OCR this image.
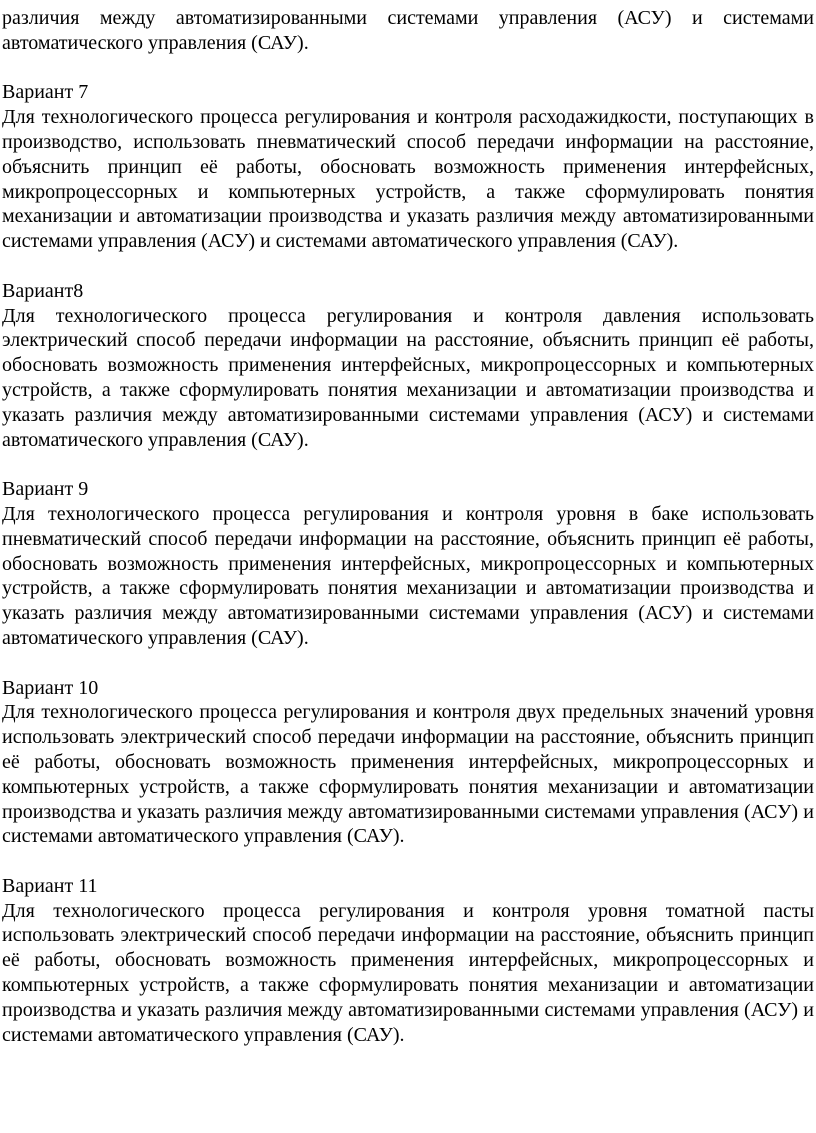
различия между автоматизированными системами управления (АСУ) и системами автоматического управления (САУ).

Вариант 7

Для технологического процесса регулирования и контроля расходажидкости, поступающих в производство, использовать пневматический способ передачи информации на расстояние, объяснить принцип её работы, обосновать возможность применения интерфейсных, микропроцессорных и компьютерных устройств, а также сформулировать понятия механизации и автоматизации производства и указать различия между автоматизированными системами управления (АСУ) и системами автоматического управления (САУ).

Вариант8

Для технологического процесса регулирования и контроля давления использовать электрический способ передачи информации на расстояние, объяснить принцип её работы, обосновать возможность применения интерфейсных, микропроцессорных и компьютерных устройств, а также сформулировать понятия механизации и автоматизации производства и указать различия между автоматизированными системами управления (АСУ) и системами автоматического управления (САУ).

Вариант 9

Для технологического процесса регулирования и контроля уровня в баке использовать пневматический способ передачи информации на расстояние, объяснить принцип её работы, обосновать возможность применения интерфейсных, микропроцессорных и компьютерных устройств, а также сформулировать понятия механизации и автоматизации производства и указать различия между автоматизированными системами управления (АСУ) и системами автоматического управления (САУ).

Вариант 10

Для технологического процесса регулирования и контроля двух предельных значений уровня использовать электрический способ передачи информации на расстояние, объяснить принцип её работы, обосновать возможность применения интерфейсных, микропроцессорных и компьютерных устройств, а также сформулировать понятия механизации и автоматизации производства и указать различия между автоматизированными системами управления (АСУ) и системами автоматического управления (САУ).

Вариант 11

Для технологического процесса регулирования и контроля уровня томатной пасты использовать электрический способ передачи информации на расстояние, объяснить принцип её работы, обосновать возможность применения интерфейсных, микропроцессорных и компьютерных устройств, а также сформулировать понятия механизации и автоматизации производства и указать различия между автоматизированными системами управления (АСУ) и системами автоматического управления (САУ).
